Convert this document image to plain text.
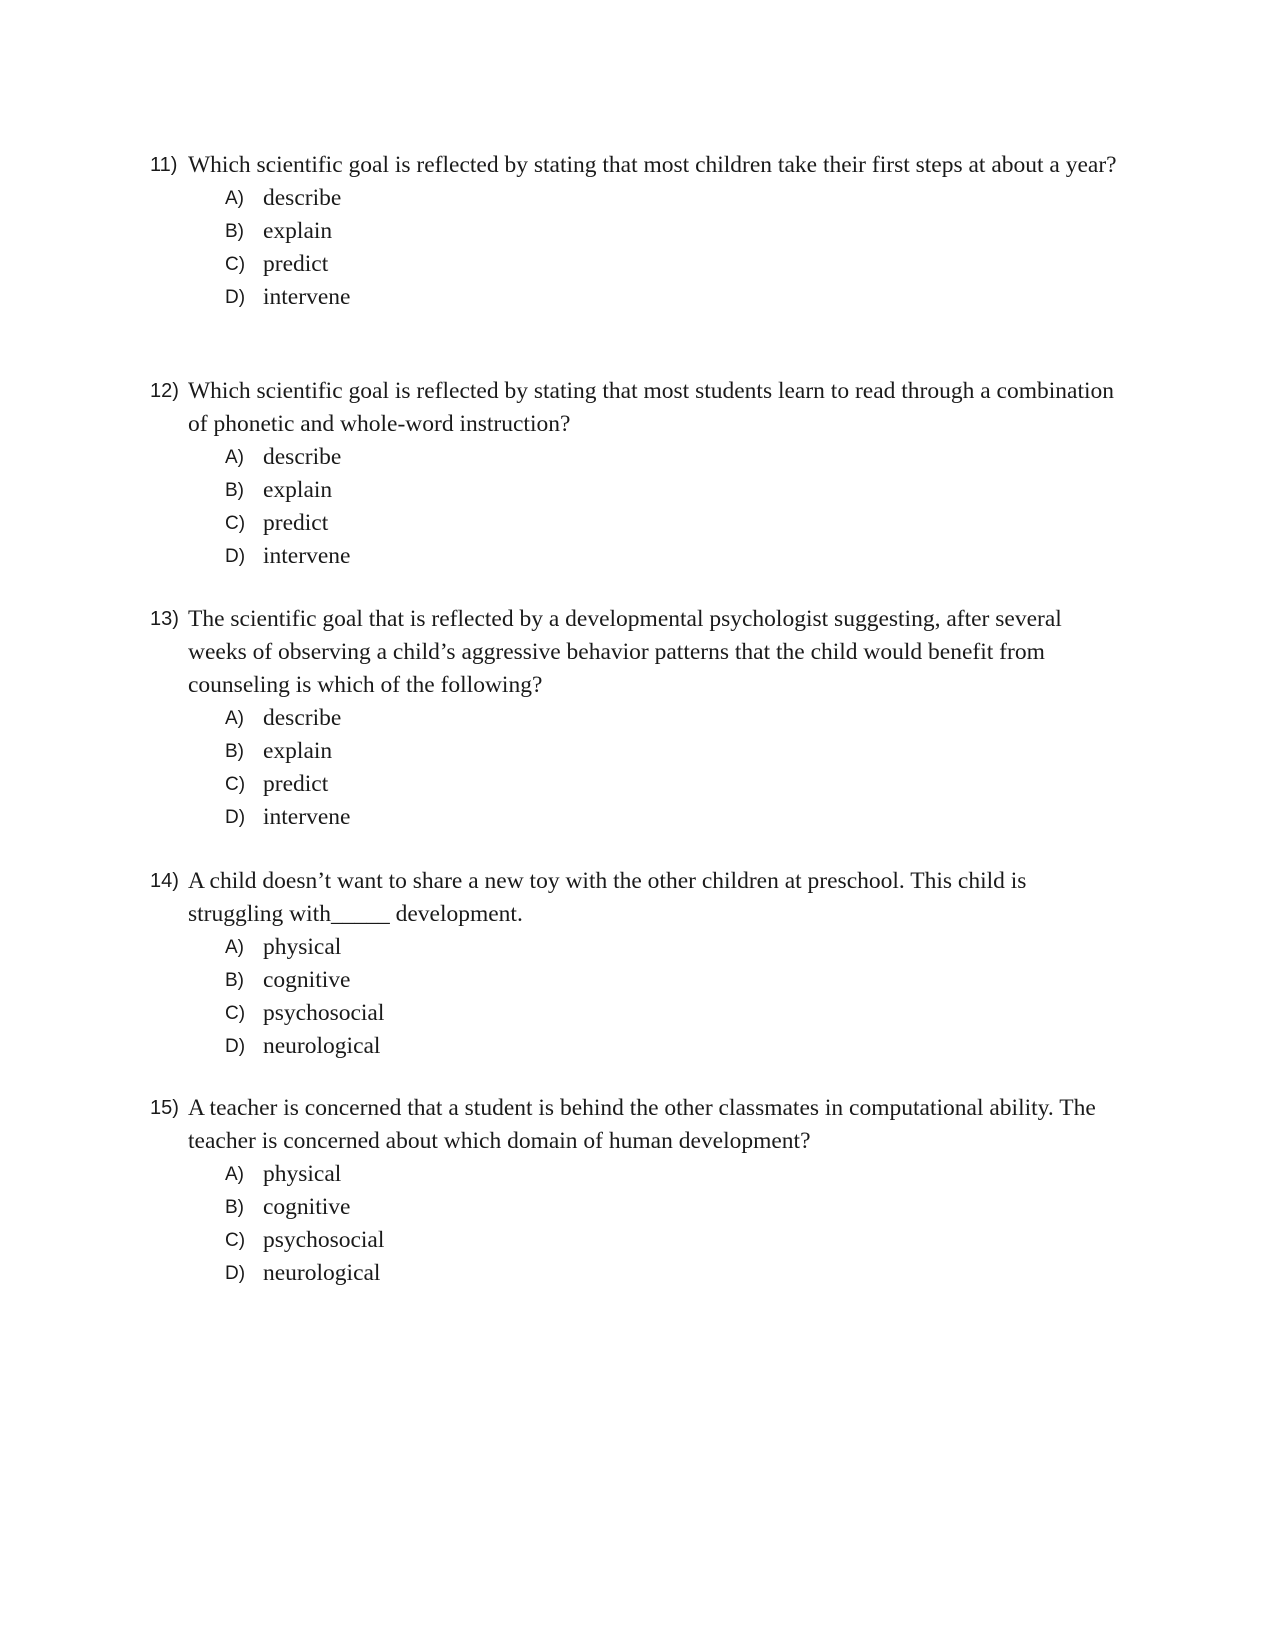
11) Which scientific goal is reflected by stating that most children take their first steps at about a year?
A) describe
B) explain
C) predict
D) intervene
12) Which scientific goal is reflected by stating that most students learn to read through a combination of phonetic and whole-word instruction?
A) describe
B) explain
C) predict
D) intervene
13) The scientific goal that is reflected by a developmental psychologist suggesting, after several weeks of observing a child’s aggressive behavior patterns that the child would benefit from counseling is which of the following?
A) describe
B) explain
C) predict
D) intervene
14) A child doesn’t want to share a new toy with the other children at preschool. This child is struggling with_____ development.
A) physical
B) cognitive
C) psychosocial
D) neurological
15) A teacher is concerned that a student is behind the other classmates in computational ability. The teacher is concerned about which domain of human development?
A) physical
B) cognitive
C) psychosocial
D) neurological
